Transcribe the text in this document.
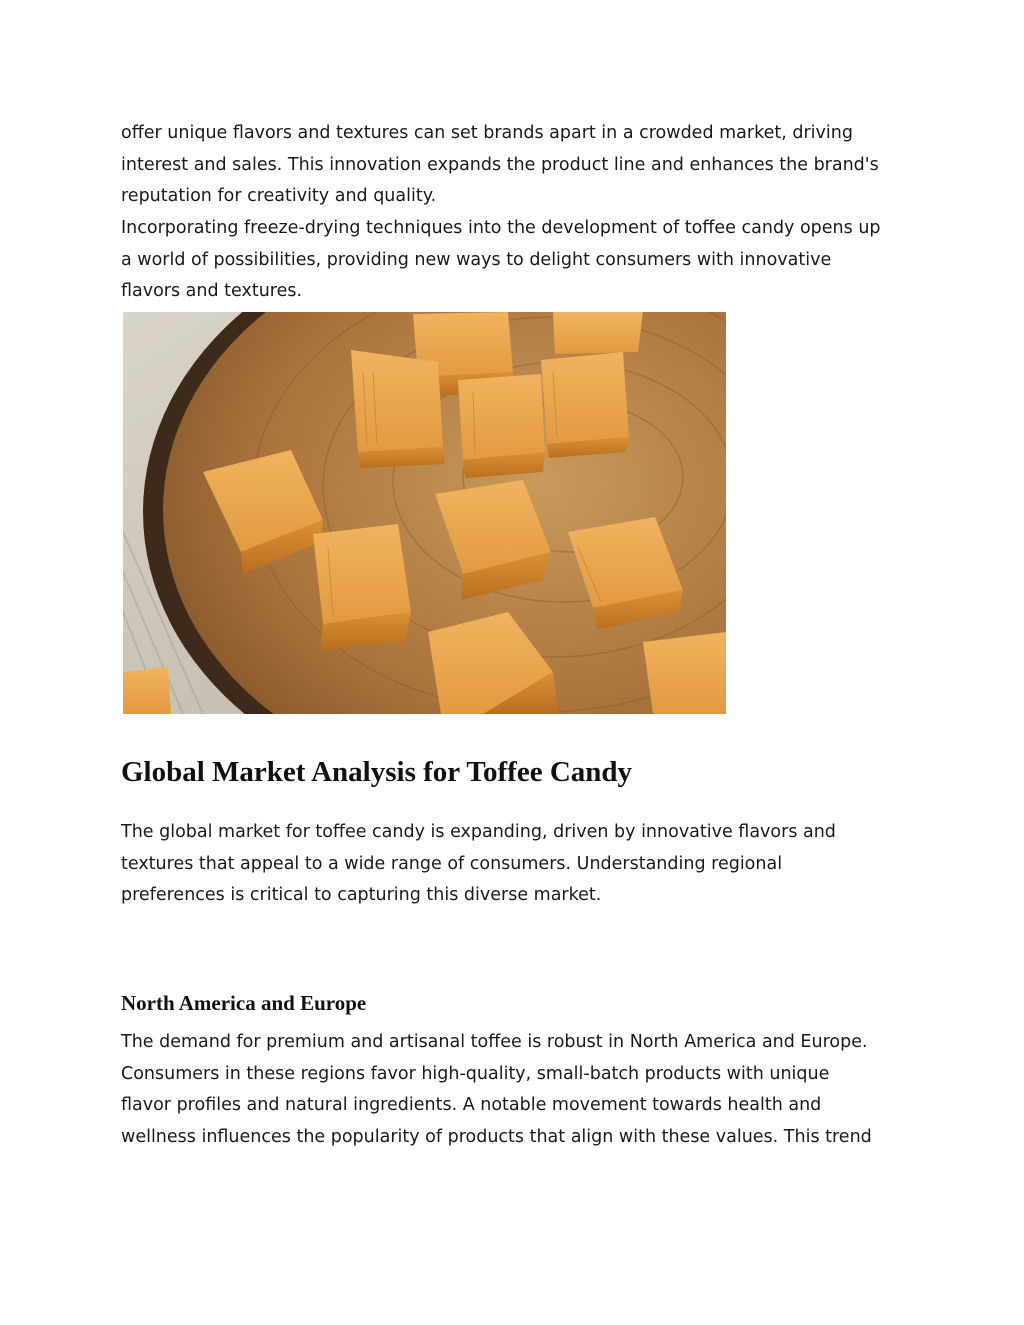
offer unique flavors and textures can set brands apart in a crowded market, driving
interest and sales. This innovation expands the product line and enhances the brand's
reputation for creativity and quality.

Incorporating freeze-drying techniques into the development of toffee candy opens up
a world of possibilities, providing new ways to delight consumers with innovative
flavors and textures.

Global Market Analysis for Toffee Candy

The global market for toffee candy is expanding, driven by innovative flavors and
textures that appeal to a wide range of consumers. Understanding regional
preferences is critical to capturing this diverse market.

North America and Europe

The demand for premium and artisanal toffee is robust in North America and Europe.
Consumers in these regions favor high-quality, small-batch products with unique
flavor profiles and natural ingredients. A notable movement towards health and
wellness influences the popularity of products that align with these values. This trend
